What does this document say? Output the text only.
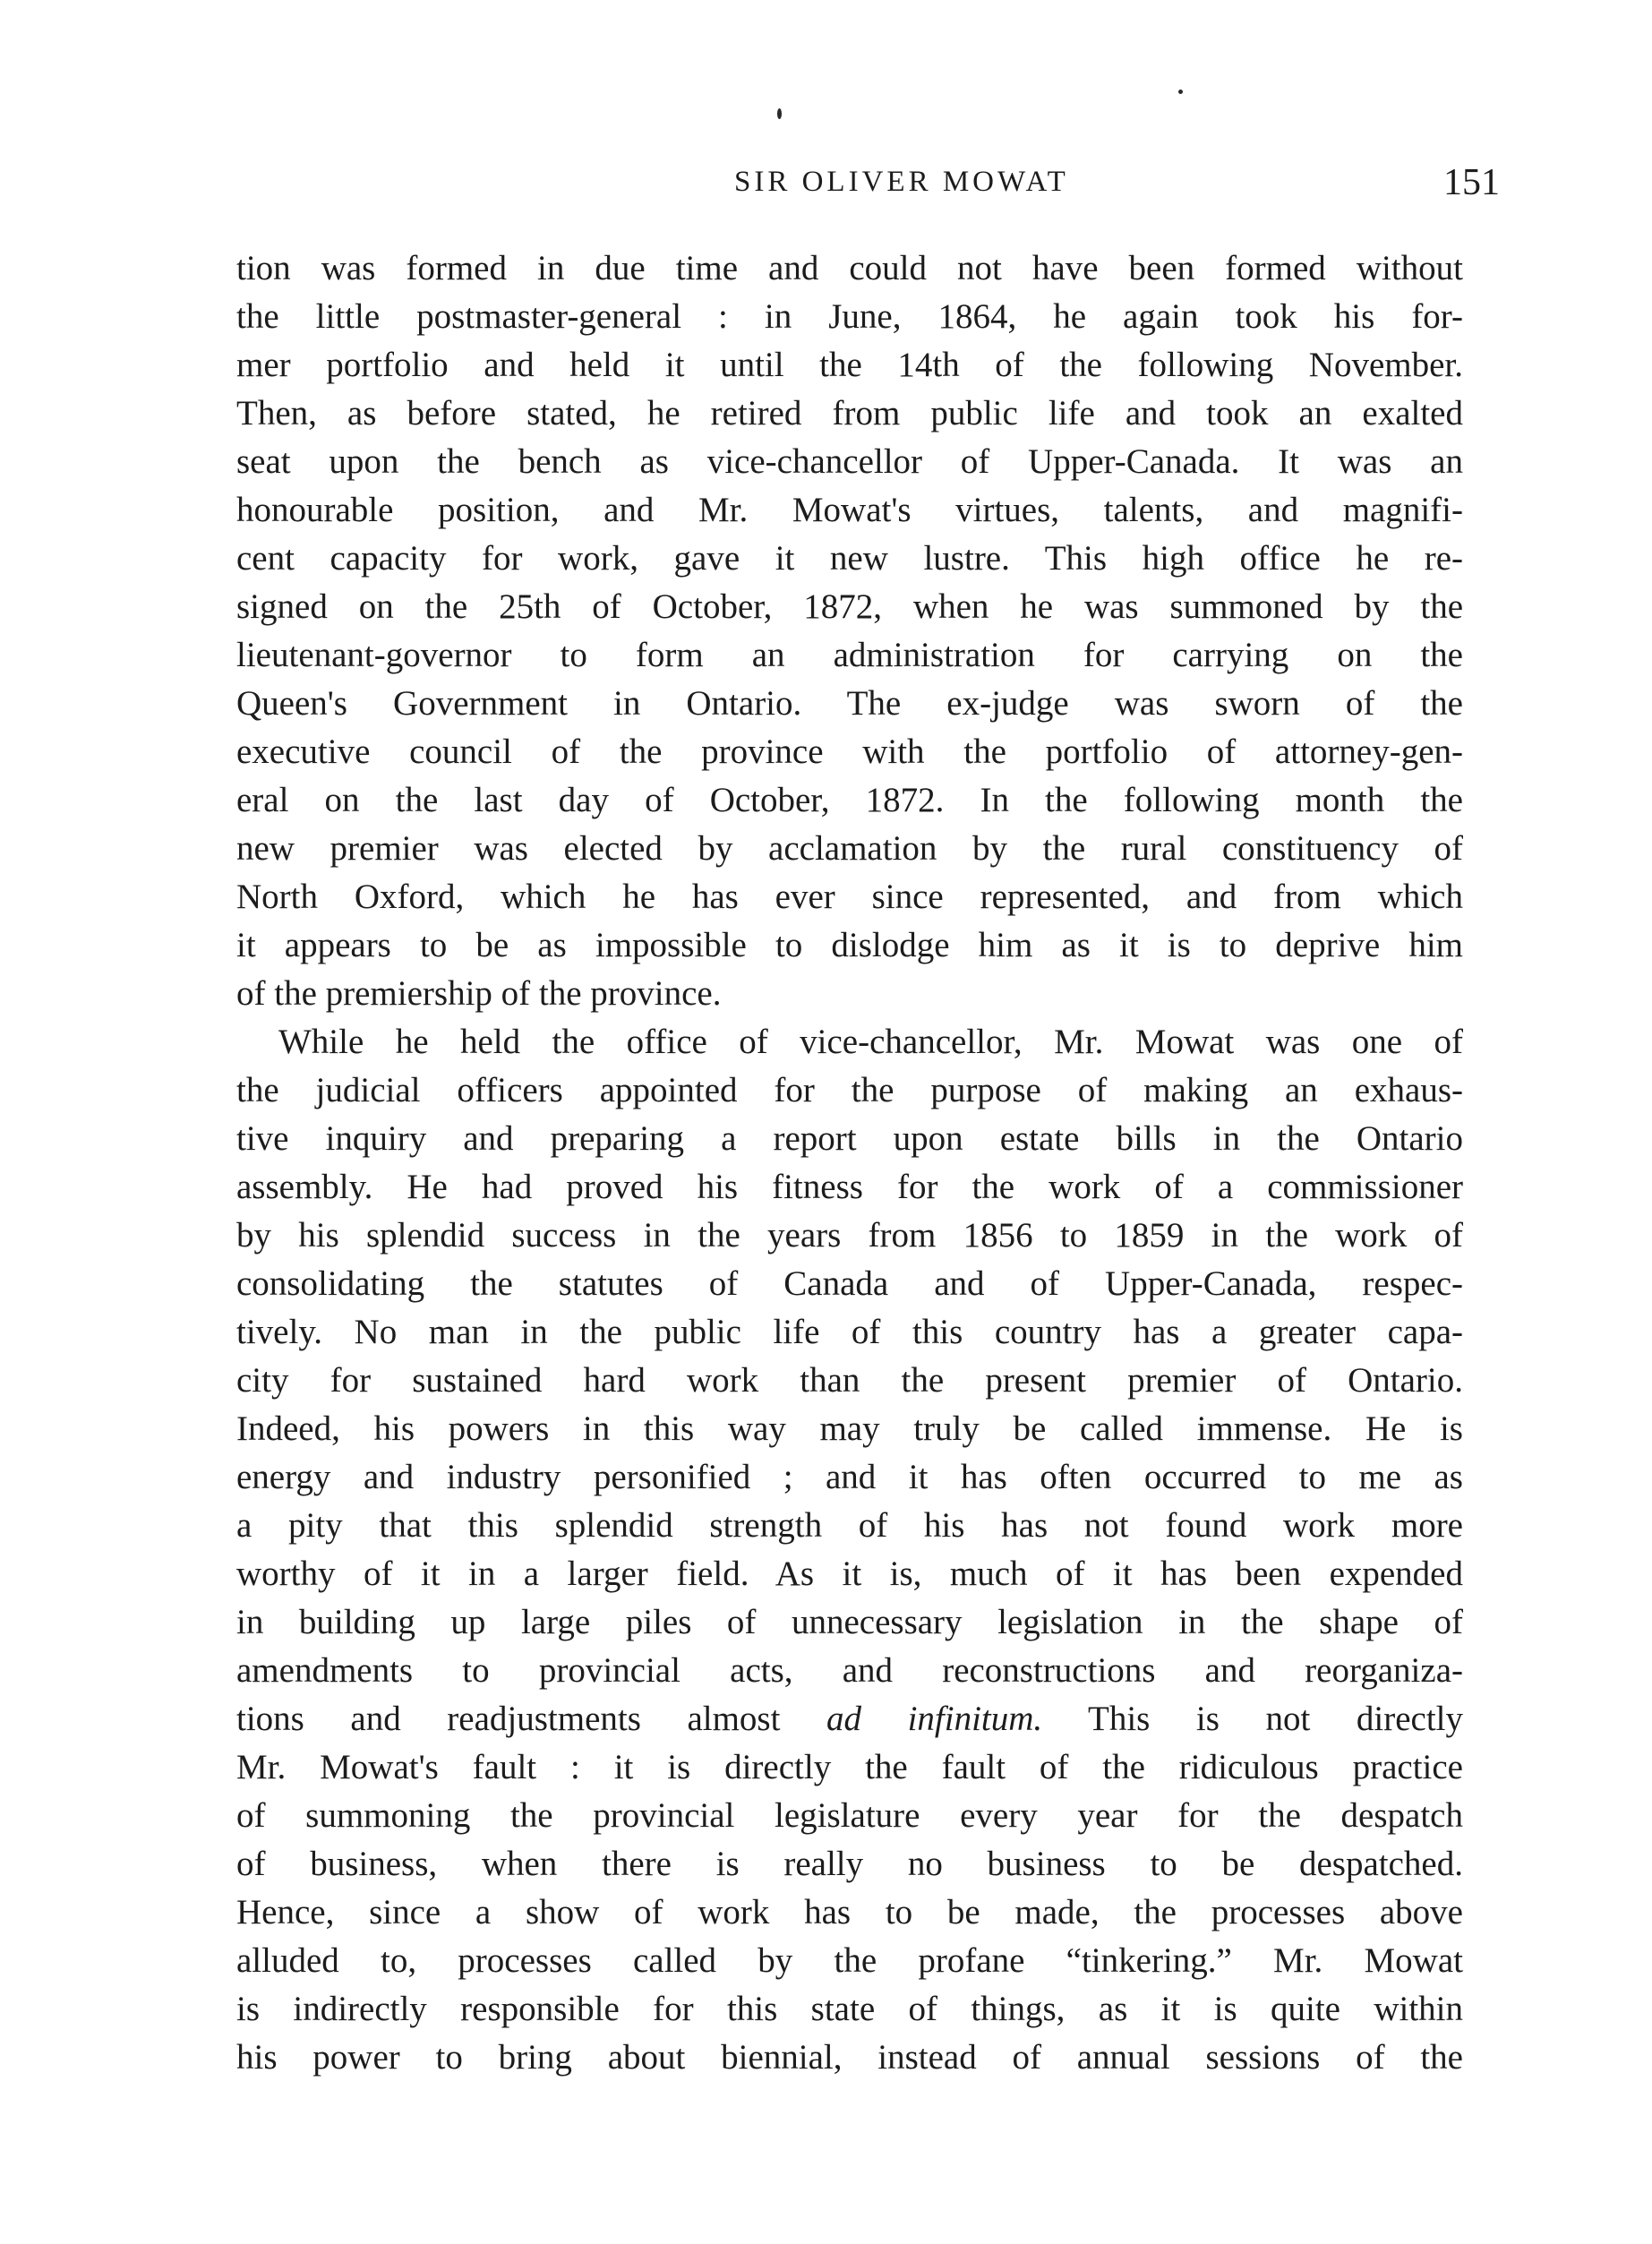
SIR OLIVER MOWAT	151
tion was formed in due time and could not have been formed without
the little postmaster-general : in June, 1864, he again took his for-
mer portfolio and held it until the 14th of the following November.
Then, as before stated, he retired from public life and took an exalted
seat upon the bench as vice-chancellor of Upper-Canada. It was an
honourable position, and Mr. Mowat's virtues, talents, and magnifi-
cent capacity for work, gave it new lustre. This high office he re-
signed on the 25th of October, 1872, when he was summoned by the
lieutenant-governor to form an administration for carrying on the
Queen's Government in Ontario. The ex-judge was sworn of the
executive council of the province with the portfolio of attorney-gen-
eral on the last day of October, 1872. In the following month the
new premier was elected by acclamation by the rural constituency of
North Oxford, which he has ever since represented, and from which
it appears to be as impossible to dislodge him as it is to deprive him
of the premiership of the province.
While he held the office of vice-chancellor, Mr. Mowat was one of
the judicial officers appointed for the purpose of making an exhaus-
tive inquiry and preparing a report upon estate bills in the Ontario
assembly. He had proved his fitness for the work of a commissioner
by his splendid success in the years from 1856 to 1859 in the work of
consolidating the statutes of Canada and of Upper-Canada, respec-
tively. No man in the public life of this country has a greater capa-
city for sustained hard work than the present premier of Ontario.
Indeed, his powers in this way may truly be called immense. He is
energy and industry personified ; and it has often occurred to me as
a pity that this splendid strength of his has not found work more
worthy of it in a larger field. As it is, much of it has been expended
in building up large piles of unnecessary legislation in the shape of
amendments to provincial acts, and reconstructions and reorganiza-
tions and readjustments almost ad infinitum. This is not directly
Mr. Mowat's fault : it is directly the fault of the ridiculous practice
of summoning the provincial legislature every year for the despatch
of business, when there is really no business to be despatched.
Hence, since a show of work has to be made, the processes above
alluded to, processes called by the profane “tinkering.” Mr. Mowat
is indirectly responsible for this state of things, as it is quite within
his power to bring about biennial, instead of annual sessions of the
